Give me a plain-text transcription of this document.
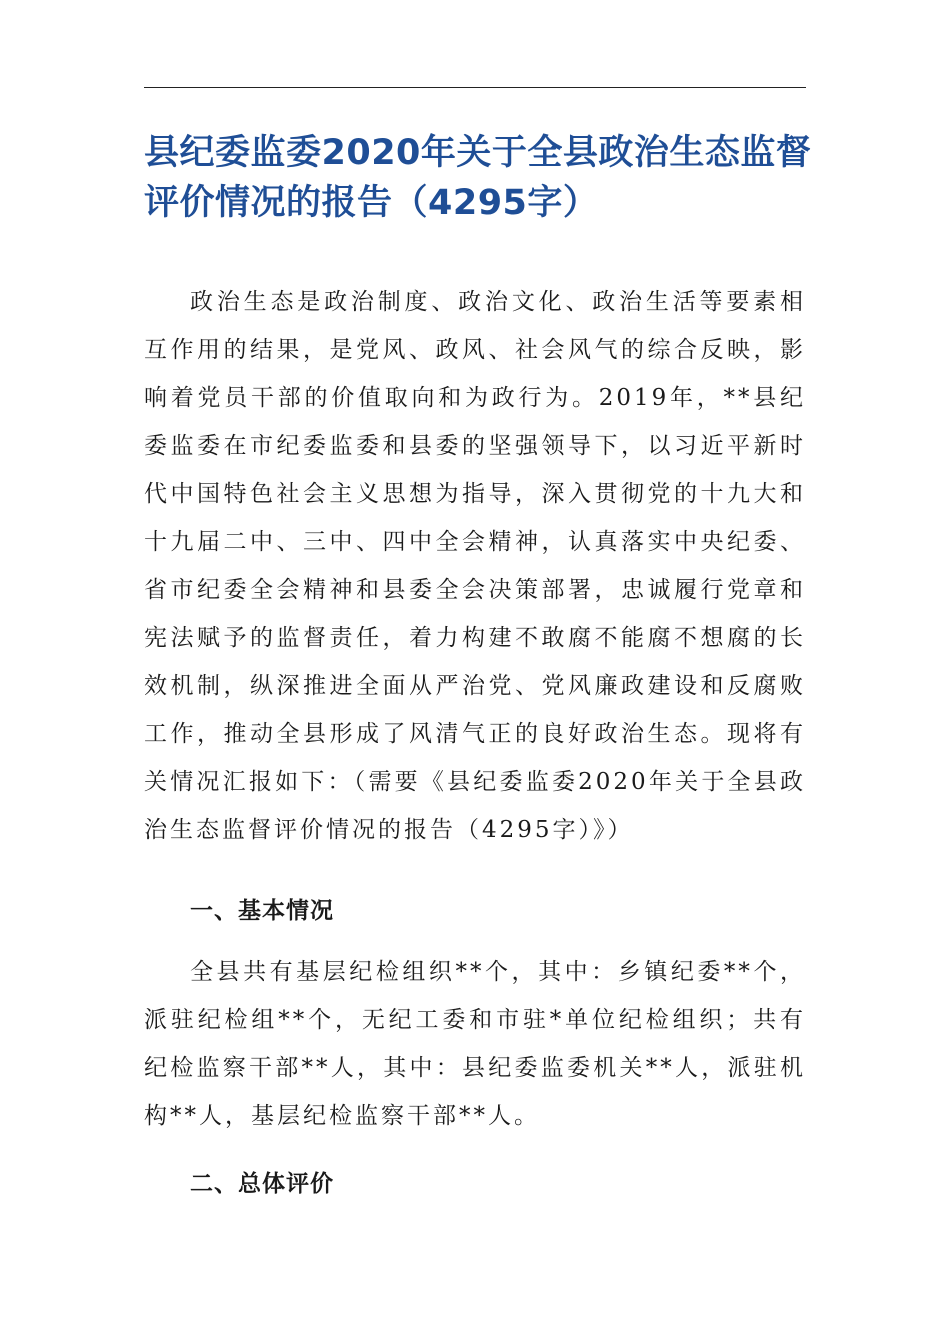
县纪委监委2020年关于全县政治生态监督评价情况的报告（4295字）

政治生态是政治制度、政治文化、政治生活等要素相互作用的结果，是党风、政风、社会风气的综合反映，影响着党员干部的价值取向和为政行为。2019年，**县纪委监委在市纪委监委和县委的坚强领导下，以习近平新时代中国特色社会主义思想为指导，深入贯彻党的十九大和十九届二中、三中、四中全会精神，认真落实中央纪委、省市纪委全会精神和县委全会决策部署，忠诚履行党章和宪法赋予的监督责任，着力构建不敢腐不能腐不想腐的长效机制，纵深推进全面从严治党、党风廉政建设和反腐败工作，推动全县形成了风清气正的良好政治生态。现将有关情况汇报如下：（需要《县纪委监委2020年关于全县政治生态监督评价情况的报告（4295字）》）

一、基本情况

全县共有基层纪检组织**个，其中：乡镇纪委**个，派驻纪检组**个，无纪工委和市驻*单位纪检组织；共有纪检监察干部**人，其中：县纪委监委机关**人，派驻机构**人，基层纪检监察干部**人。

二、总体评价
